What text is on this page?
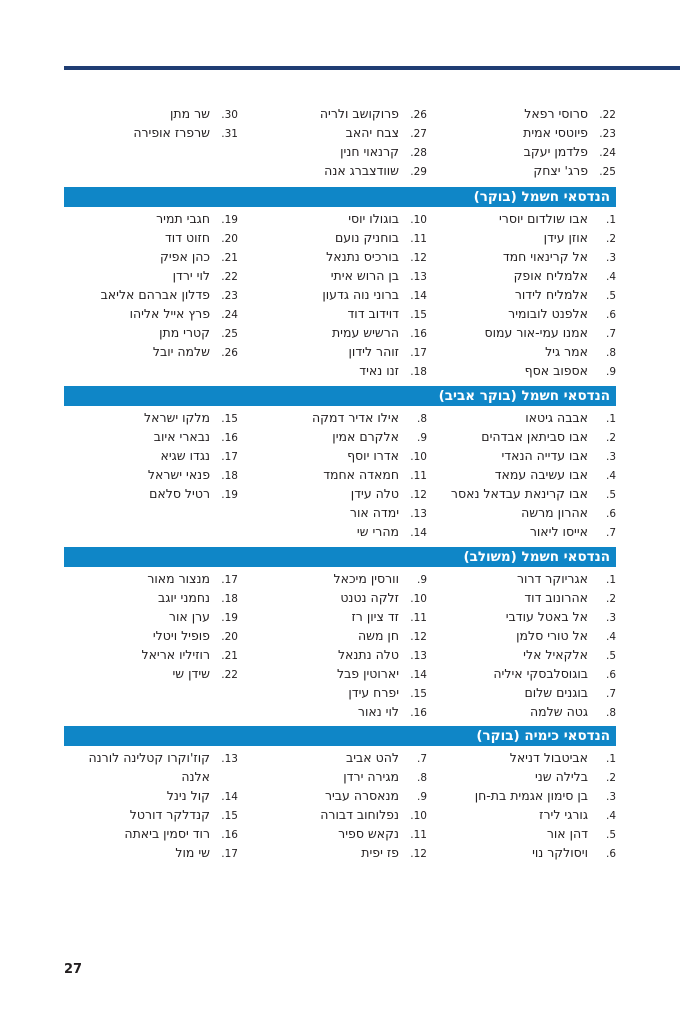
22.סרוסי רפאל
23.פיוטסי אמית
24.פלדמן יעקב
25.פרג' יצחק
26.פרוקושב ולריה
27.צבח יהאב
28.קרנאוי חנין
29.שוודצברג אנה
30.שר מתן
31.שרפרז אופירה
הנדסאי חשמל (בוקר)
1.אבו שולדום יוסרי
2.אוזן עידן
3.אל קרינאוי חמד
4.אלמליח אופק
5.אלמליח לידור
6.אלפנט לובומיר
7.אמנו עמי-אור עמוס
8.אמר גיל
9.אספוב אסף
10.בוגולו יוסי
11.בוחניק נועם
12.בורכיס נתנאל
13.בן הרוש איתי
14.ברוני נוה גדעון
15.דוידוב דוד
16.הרשיש עמית
17.זוהר לידון
18.זנו נאיד
19.חגבי תמיר
20.חזוט דוד
21.כהן אפיק
22.לוי ירדן
23.פדלון אברהם אליאב
24.פרץ אייל אליהו
25.קטרי מתן
26.שלמה יובל
הנדסאי חשמל (בוקר אביב)
1.אבבה גיטאו
2.אבו סביתאן אבדהים
3.אבו עדייה הנאדי
4.אבו עשיבה עמאד
5.אבו קרינאת עבדאל נאסר
6.אהרון מרשה
7.אייסו ליאור
8.אילו אדיר דמקה
9.אלקרם אמין
10.אדרו יוסף
11.חמאדה אחמד
12.טלה עידן
13.ימדה אור
14.מהרי שי
15.מלקו ישראל
16.נבארי איוב
17.נגדו שגיא
18.פנאי ישראל
19.רטיל סלאם
הנדסאי חשמל (משולב)
1.אגריוקר דרור
2.אהרונוב דוד
3.אל באטל עודבי
4.אל טורי סלמן
5.אלקאיל אלי
6.בוגוסלבסקי איליה
7.בוגנים שלום
8.גטה שלמה
9.וורסין מיכאל
10.זלקה נטנט
11.זד ציון רז
12.חן משה
13.טלה נתנאל
14.יארוטין פבל
15.יפרח עידן
16.לוי נאור
17.מנצור מאור
18.נחמני יוגב
19.ערן אור
20.פופיל ויטלי
21.רוזיליו אריאל
22.שידן שי
הנדסאי כימיה (בוקר)
1.אביטבול דניאל
2.בלילה שני
3.בן סימון אגמית בת-חן
4.גורגי לירז
5.דהן אור
6.ויסולקר נוי
7.להט אביב
8.מגירה ירדן
9.מנאסרה עביר
10.נפלוחוב דבורה
11.נקאש ספיר
12.פז יפית
13.קוז'וקרו קטלינה לורנה
אלנה
14.קול נינל
15.קנדלקר דורטל
16.רוד יסמין ביאתה
17.שי מול
27
